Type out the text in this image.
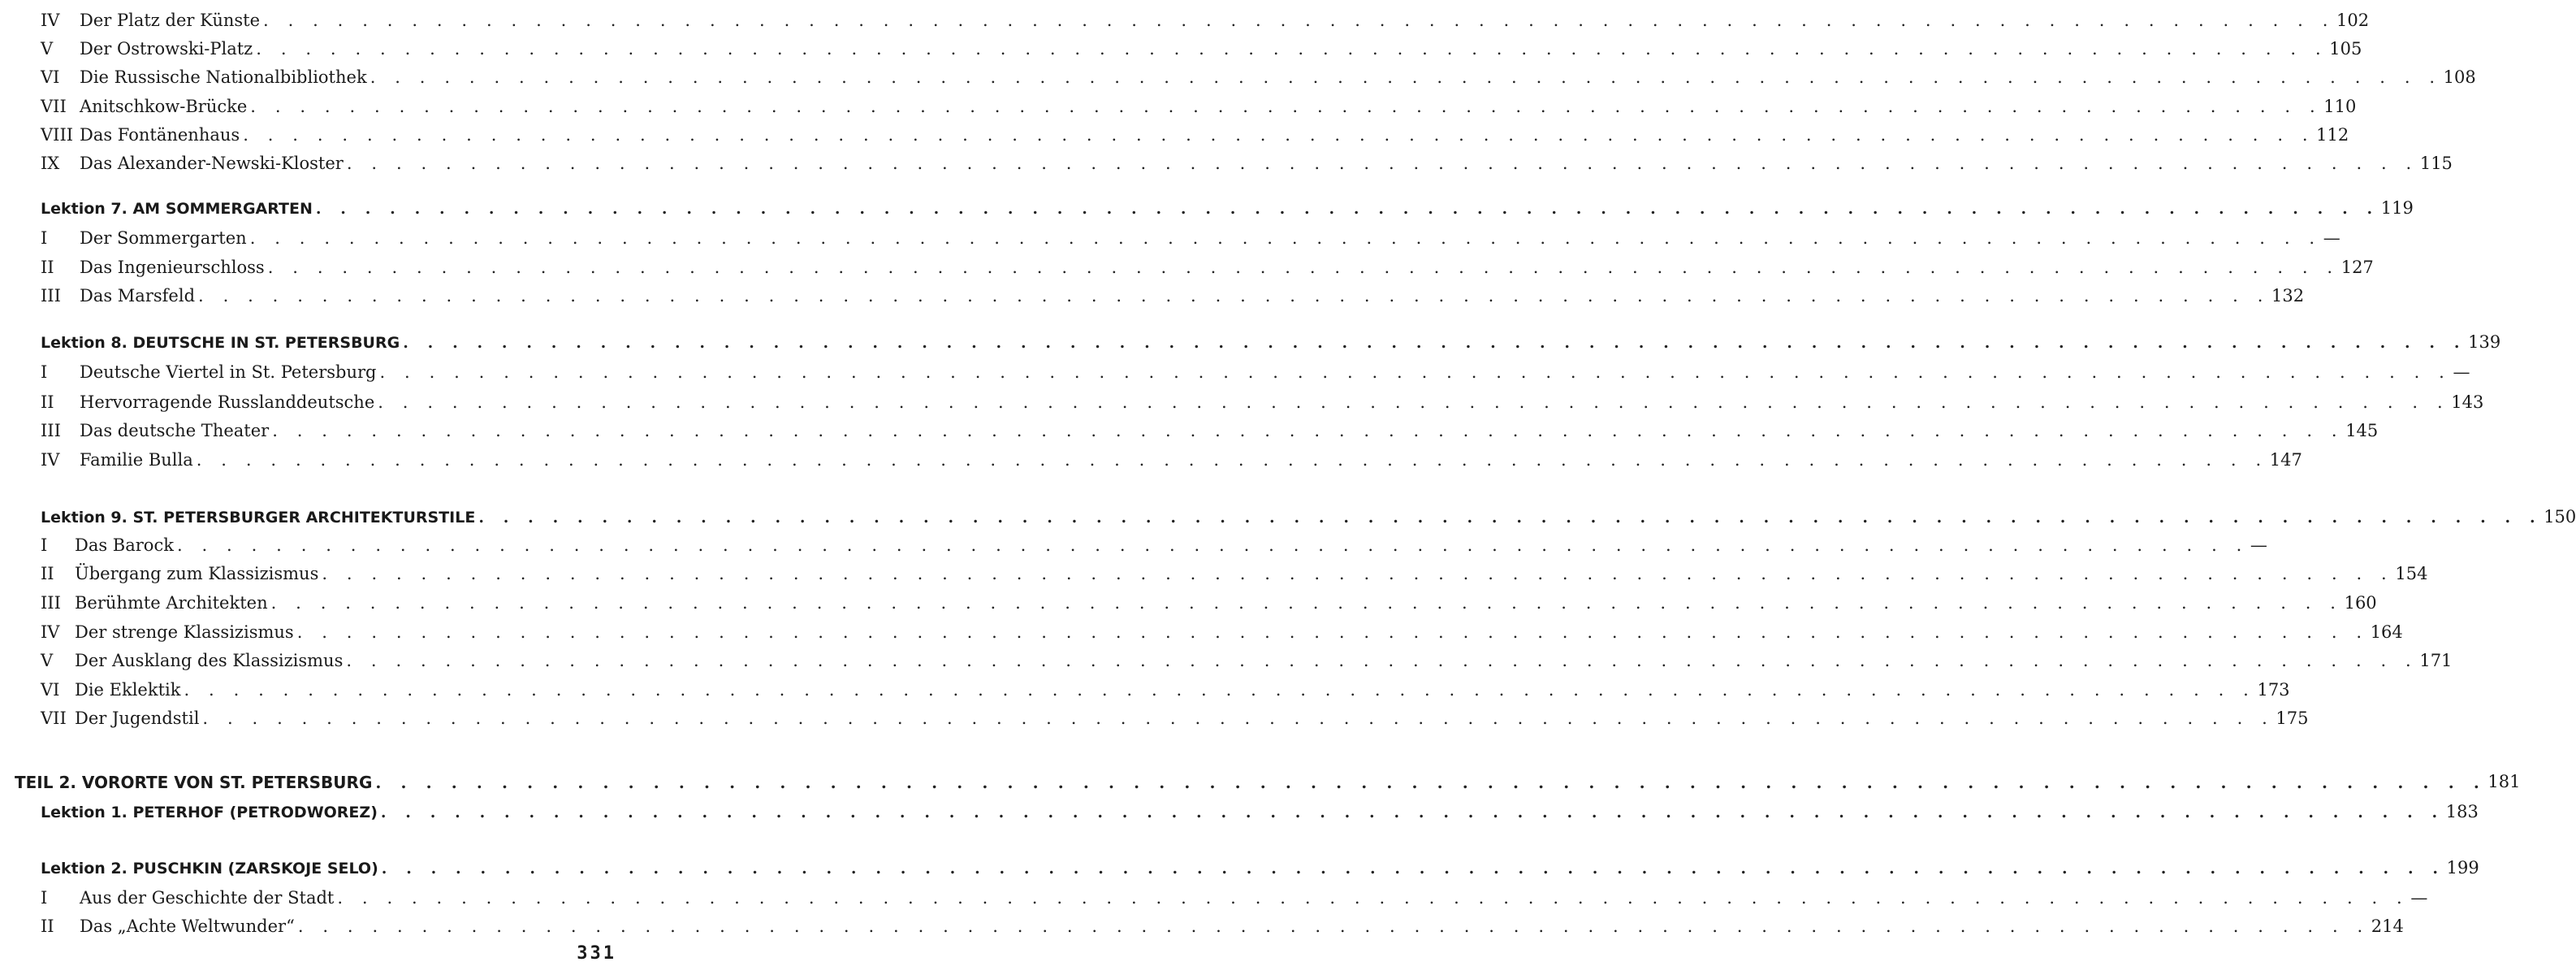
IV	Der Platz der Künste . . . . . . . . . . . . . . . . . . . . . . . . . . . . . . . . . . . . . . . . . . . . . . . . . . . . . . . . . . . . . . . . . . . . . . . . . . . . . . . . . . . . 102
V	Der Ostrowski-Platz . . . . . . . . . . . . . . . . . . . . . . . . . . . . . . . . . . . . . . . . . . . . . . . . . . . . . . . . . . . . . . . . . . . . . . . . . . . . . . . . . . . . 105
VI	Die Russische Nationalbibliothek . . . . . . . . . . . . . . . . . . . . . . . . . . . . . . . . . . . . . . . . . . . . . . . . . . . . . . . . . . . . . . . . . . . . . . . . . . . . . . . . . . . . 108
VII Anitschkow-Brücke . . . . . . . . . . . . . . . . . . . . . . . . . . . . . . . . . . . . . . . . . . . . . . . . . . . . . . . . . . . . . . . . . . . . . . . . . . . . . . . . . . . . 110
VIII Das Fontänenhaus . . . . . . . . . . . . . . . . . . . . . . . . . . . . . . . . . . . . . . . . . . . . . . . . . . . . . . . . . . . . . . . . . . . . . . . . . . . . . . . . . . . . 112
IX	Das Alexander-Newski-Kloster . . . . . . . . . . . . . . . . . . . . . . . . . . . . . . . . . . . . . . . . . . . . . . . . . . . . . . . . . . . . . . . . . . . . . . . . . . . . . . . . . . . . 115
Lektion 7. AM SOMMERGARTEN . . . . . . . . . . . . . . . . . . . . . . . . . . . . . . . . . . . . . . . . . . . . . . . . . . . . . . . . . . . . . . . . . . . . . . . . . . . . . . . . . . . . 119
I	Der Sommergarten . . . . . . . . . . . . . . . . . . . . . . . . . . . . . . . . . . . . . . . . . . . . . . . . . . . . . . . . . . . . . . . . . . . . . . . . . . . . . . . . . . . . —
II	Das Ingenieurschloss . . . . . . . . . . . . . . . . . . . . . . . . . . . . . . . . . . . . . . . . . . . . . . . . . . . . . . . . . . . . . . . . . . . . . . . . . . . . . . . . . . . . 127
III	Das Marsfeld . . . . . . . . . . . . . . . . . . . . . . . . . . . . . . . . . . . . . . . . . . . . . . . . . . . . . . . . . . . . . . . . . . . . . . . . . . . . . . . . . . . . 132
Lektion 8. DEUTSCHE IN ST. PETERSBURG . . . . . . . . . . . . . . . . . . . . . . . . . . . . . . . . . . . . . . . . . . . . . . . . . . . . . . . . . . . . . . . . . . . . . . . . . . . . . . . . . . . . 139
I	Deutsche Viertel in St. Petersburg . . . . . . . . . . . . . . . . . . . . . . . . . . . . . . . . . . . . . . . . . . . . . . . . . . . . . . . . . . . . . . . . . . . . . . . . . . . . . . . . . . . . —
II	Hervorragende Russlanddeutsche . . . . . . . . . . . . . . . . . . . . . . . . . . . . . . . . . . . . . . . . . . . . . . . . . . . . . . . . . . . . . . . . . . . . . . . . . . . . . . . . . . . . 143
III	Das deutsche Theater . . . . . . . . . . . . . . . . . . . . . . . . . . . . . . . . . . . . . . . . . . . . . . . . . . . . . . . . . . . . . . . . . . . . . . . . . . . . . . . . . . . . 145
IV	Familie Bulla . . . . . . . . . . . . . . . . . . . . . . . . . . . . . . . . . . . . . . . . . . . . . . . . . . . . . . . . . . . . . . . . . . . . . . . . . . . . . . . . . . . . 147
Lektion 9. ST. PETERSBURGER ARCHITEKTURSTILE . . . . . . . . . . . . . . . . . . . . . . . . . . . . . . . . . . . . . . . . . . . . . . . . . . . . . . . . . . . . . . . . . . . . . . . . . . . . . . . . . . . . 150
I	Das Barock . . . . . . . . . . . . . . . . . . . . . . . . . . . . . . . . . . . . . . . . . . . . . . . . . . . . . . . . . . . . . . . . . . . . . . . . . . . . . . . . . . . . —
II	Übergang zum Klassizismus . . . . . . . . . . . . . . . . . . . . . . . . . . . . . . . . . . . . . . . . . . . . . . . . . . . . . . . . . . . . . . . . . . . . . . . . . . . . . . . . . . . . 154
III Berühmte Architekten . . . . . . . . . . . . . . . . . . . . . . . . . . . . . . . . . . . . . . . . . . . . . . . . . . . . . . . . . . . . . . . . . . . . . . . . . . . . . . . . . . . . 160
IV Der strenge Klassizismus . . . . . . . . . . . . . . . . . . . . . . . . . . . . . . . . . . . . . . . . . . . . . . . . . . . . . . . . . . . . . . . . . . . . . . . . . . . . . . . . . . . . 164
V	Der Ausklang des Klassizismus . . . . . . . . . . . . . . . . . . . . . . . . . . . . . . . . . . . . . . . . . . . . . . . . . . . . . . . . . . . . . . . . . . . . . . . . . . . . . . . . . . . . 171
VI Die Eklektik . . . . . . . . . . . . . . . . . . . . . . . . . . . . . . . . . . . . . . . . . . . . . . . . . . . . . . . . . . . . . . . . . . . . . . . . . . . . . . . . . . . . 173
VII Der Jugendstil . . . . . . . . . . . . . . . . . . . . . . . . . . . . . . . . . . . . . . . . . . . . . . . . . . . . . . . . . . . . . . . . . . . . . . . . . . . . . . . . . . . . 175
TEIL 2. VORORTE VON ST. PETERSBURG . . . . . . . . . . . . . . . . . . . . . . . . . . . . . . . . . . . . . . . . . . . . . . . . . . . . . . . . . . . . . . . . . . . . . . . . . . . . . . . . . . . . 181
Lektion 1. PETERHOF (PETRODWOREZ) . . . . . . . . . . . . . . . . . . . . . . . . . . . . . . . . . . . . . . . . . . . . . . . . . . . . . . . . . . . . . . . . . . . . . . . . . . . . . . . . . . . . 183
Lektion 2. PUSCHKIN (ZARSKOJE SELO) . . . . . . . . . . . . . . . . . . . . . . . . . . . . . . . . . . . . . . . . . . . . . . . . . . . . . . . . . . . . . . . . . . . . . . . . . . . . . . . . . . . . 199
I	Aus der Geschichte der Stadt . . . . . . . . . . . . . . . . . . . . . . . . . . . . . . . . . . . . . . . . . . . . . . . . . . . . . . . . . . . . . . . . . . . . . . . . . . . . . . . . . . . . —
II	Das „Achte Weltwunder“ . . . . . . . . . . . . . . . . . . . . . . . . . . . . . . . . . . . . . . . . . . . . . . . . . . . . . . . . . . . . . . . . . . . . . . . . . . . . . . . . . . . . 214
331
